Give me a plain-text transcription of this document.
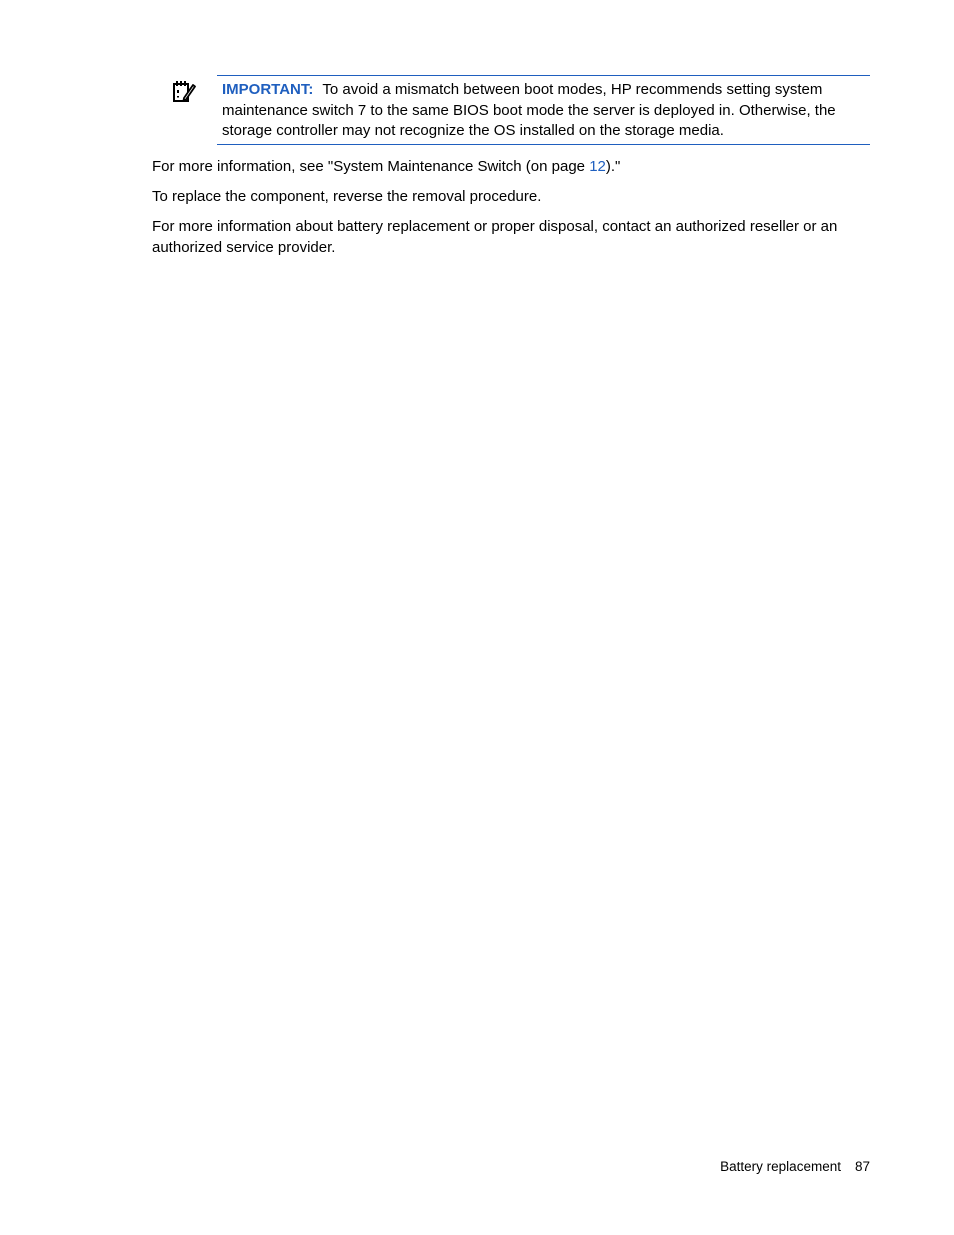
IMPORTANT: To avoid a mismatch between boot modes, HP recommends setting system maintenance switch 7 to the same BIOS boot mode the server is deployed in. Otherwise, the storage controller may not recognize the OS installed on the storage media.

For more information, see "System Maintenance Switch (on page 12)."

To replace the component, reverse the removal procedure.

For more information about battery replacement or proper disposal, contact an authorized reseller or an authorized service provider.

Battery replacement 87
